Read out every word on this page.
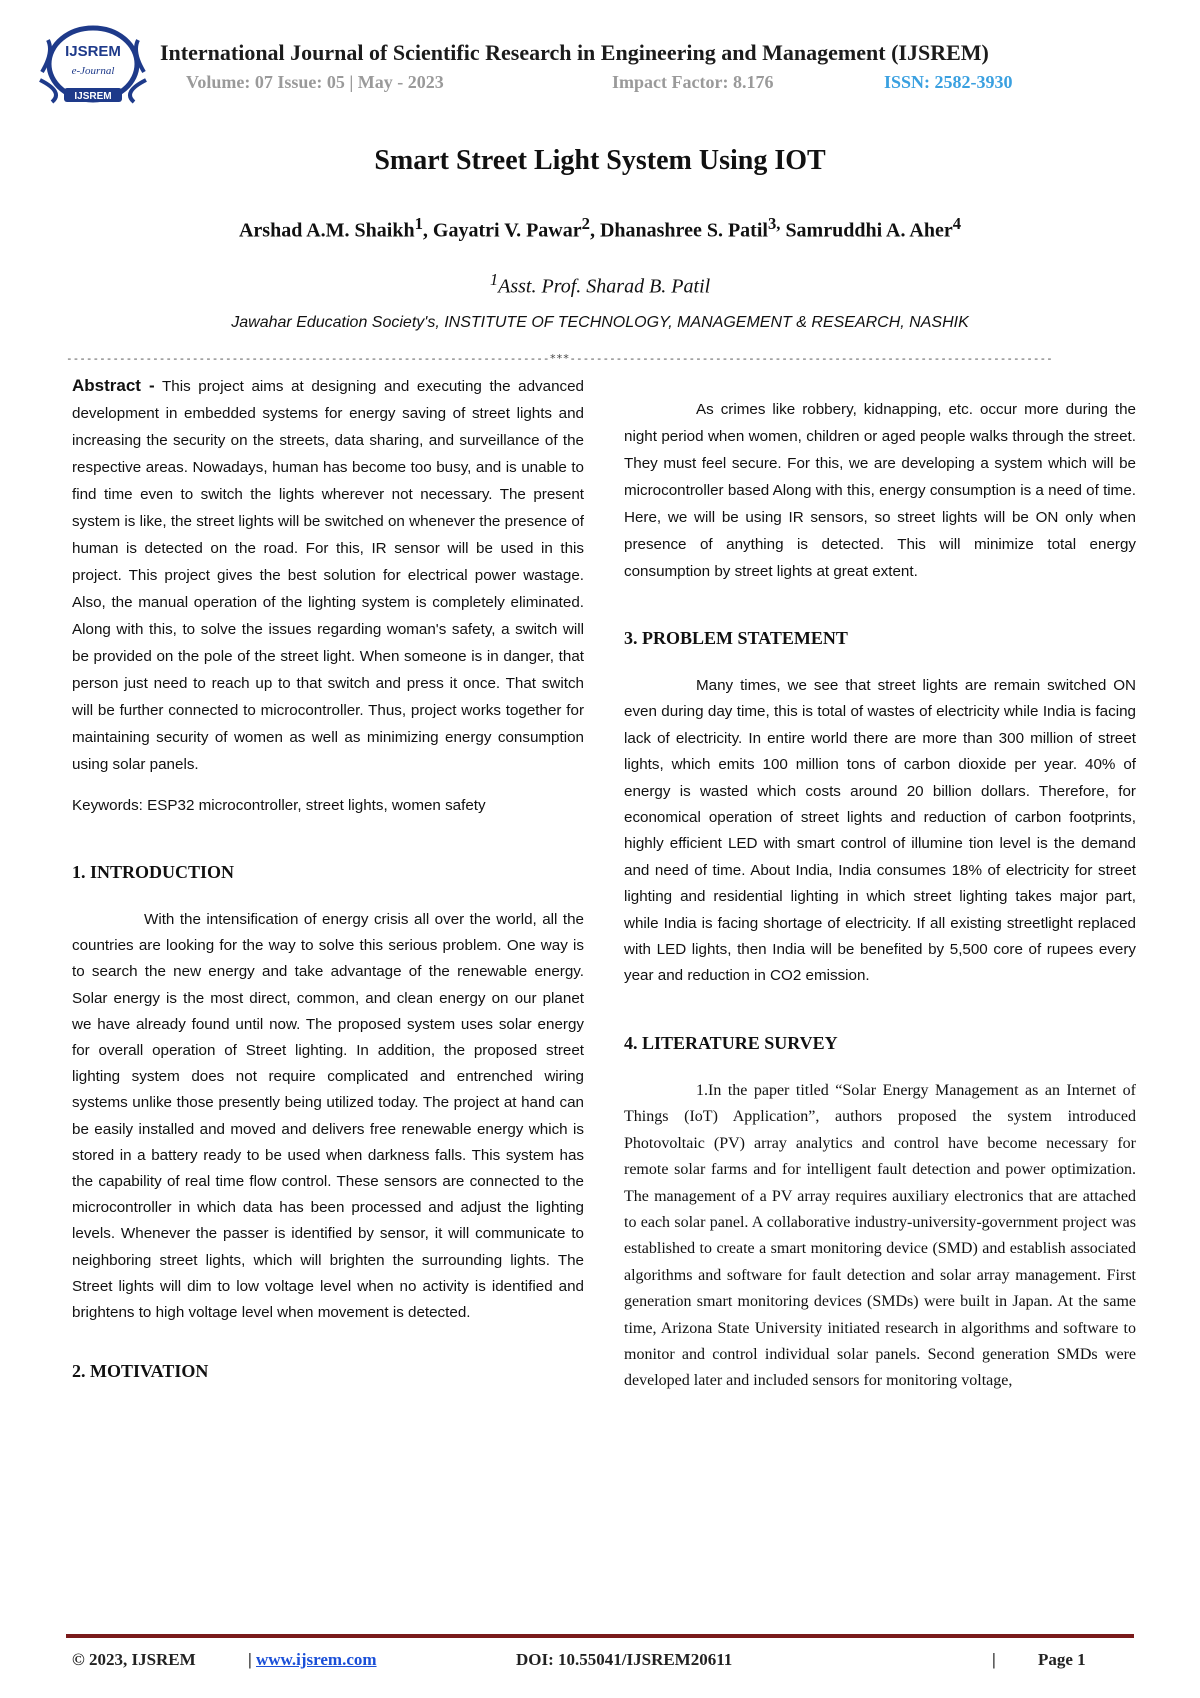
IJSREM
e-Journal
IJSREM
International Journal of Scientific Research in Engineering and Management (IJSREM)
Volume: 07 Issue: 05 | May - 2023	Impact Factor: 8.176	ISSN: 2582-3930
Smart Street Light System Using IOT
Arshad A.M. Shaikh$^1$, Gayatri V. Pawar$^2$, Dhanashree S. Patil$^{3,}$ Samruddhi A. Aher$^4$
$^1$Asst. Prof. Sharad B. Patil
Jawahar Education Society's, INSTITUTE OF TECHNOLOGY, MANAGEMENT & RESEARCH, NASHIK
-------------------------------------------------------------------------***-------------------------------------------------------------------------

Abstract - This project aims at designing and executing the advanced development in embedded systems for energy saving of street lights and increasing the security on the streets, data sharing, and surveillance of the respective areas. Nowadays, human has become too busy, and is unable to find time even to switch the lights wherever not necessary. The present system is like, the street lights will be switched on whenever the presence of human is detected on the road. For this, IR sensor will be used in this project. This project gives the best solution for electrical power wastage. Also, the manual operation of the lighting system is completely eliminated. Along with this, to solve the issues regarding woman's safety, a switch will be provided on the pole of the street light. When someone is in danger, that person just need to reach up to that switch and press it once. That switch will be further connected to microcontroller. Thus, project works together for maintaining security of women as well as minimizing energy consumption using solar panels.

Keywords: ESP32 microcontroller, street lights, women safety

1. INTRODUCTION

With the intensification of energy crisis all over the world, all the countries are looking for the way to solve this serious problem. One way is to search the new energy and take advantage of the renewable energy. Solar energy is the most direct, common, and clean energy on our planet we have already found until now. The proposed system uses solar energy for overall operation of Street lighting. In addition, the proposed street lighting system does not require complicated and entrenched wiring systems unlike those presently being utilized today. The project at hand can be easily installed and moved and delivers free renewable energy which is stored in a battery ready to be used when darkness falls. This system has the capability of real time flow control. These sensors are connected to the microcontroller in which data has been processed and adjust the lighting levels. Whenever the passer is identified by sensor, it will communicate to neighboring street lights, which will brighten the surrounding lights. The Street lights will dim to low voltage level when no activity is identified and brightens to high voltage level when movement is detected.

2. MOTIVATION

As crimes like robbery, kidnapping, etc. occur more during the night period when women, children or aged people walks through the street. They must feel secure. For this, we are developing a system which will be microcontroller based Along with this, energy consumption is a need of time. Here, we will be using IR sensors, so street lights will be ON only when presence of anything is detected. This will minimize total energy consumption by street lights at great extent.

3. PROBLEM STATEMENT

Many times, we see that street lights are remain switched ON even during day time, this is total of wastes of electricity while India is facing lack of electricity. In entire world there are more than 300 million of street lights, which emits 100 million tons of carbon dioxide per year. 40% of energy is wasted which costs around 20 billion dollars. Therefore, for economical operation of street lights and reduction of carbon footprints, highly efficient LED with smart control of illumine tion level is the demand and need of time. About India, India consumes 18% of electricity for street lighting and residential lighting in which street lighting takes major part, while India is facing shortage of electricity. If all existing streetlight replaced with LED lights, then India will be benefited by 5,500 core of rupees every year and reduction in CO2 emission.

4. LITERATURE SURVEY

1.In the paper titled “Solar Energy Management as an Internet of Things (IoT) Application”, authors proposed the system introduced Photovoltaic (PV) array analytics and control have become necessary for remote solar farms and for intelligent fault detection and power optimization. The management of a PV array requires auxiliary electronics that are attached to each solar panel. A collaborative industry-university-government project was established to create a smart monitoring device (SMD) and establish associated algorithms and software for fault detection and solar array management. First generation smart monitoring devices (SMDs) were built in Japan. At the same time, Arizona State University initiated research in algorithms and software to monitor and control individual solar panels. Second generation SMDs were developed later and included sensors for monitoring voltage,

© 2023, IJSREM	| www.ijsrem.com	DOI: 10.55041/IJSREM20611	| Page 1
